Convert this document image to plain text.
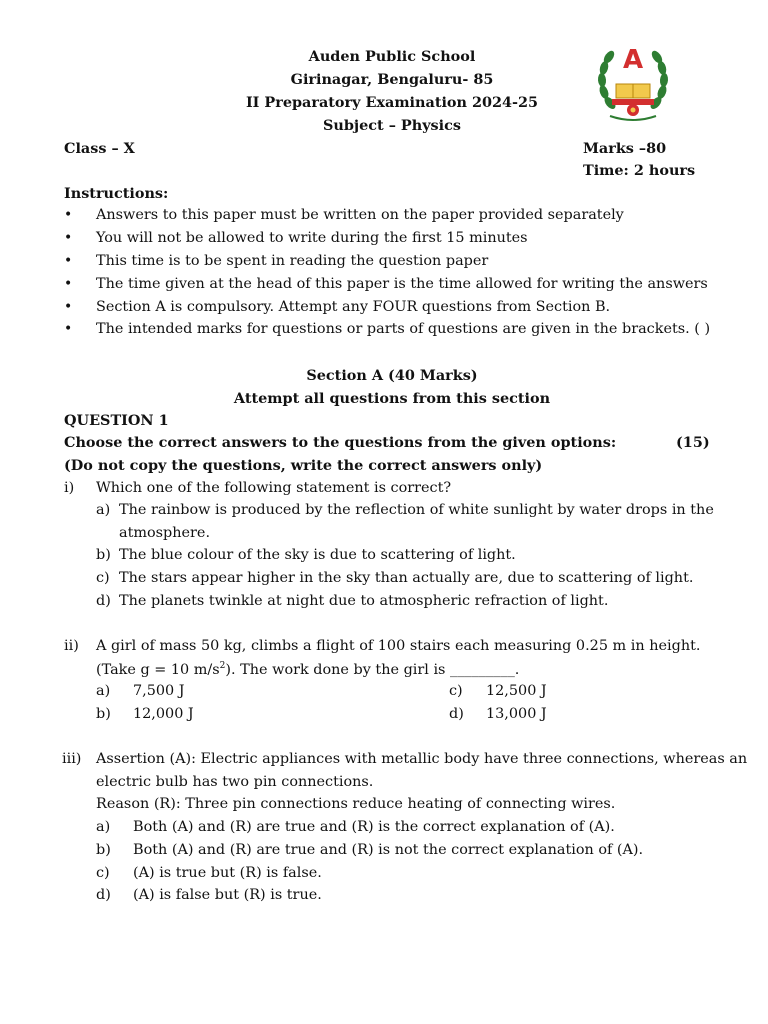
Auden Public School
Girinagar, Bengaluru- 85
II Preparatory Examination 2024-25
Subject – Physics
A
Class – X	Marks –80
Time: 2 hours
Instructions:
• Answers to this paper must be written on the paper provided separately
• You will not be allowed to write during the first 15 minutes
• This time is to be spent in reading the question paper
• The time given at the head of this paper is the time allowed for writing the answers
• Section A is compulsory. Attempt any FOUR questions from Section B.
• The intended marks for questions or parts of questions are given in the brackets. ( )
Section A (40 Marks)
Attempt all questions from this section
QUESTION 1
Choose the correct answers to the questions from the given options:	(15)
(Do not copy the questions, write the correct answers only)
i) Which one of the following statement is correct?
a) The rainbow is produced by the reflection of white sunlight by water drops in the
atmosphere.
b) The blue colour of the sky is due to scattering of light.
c) The stars appear higher in the sky than actually are, due to scattering of light.
d) The planets twinkle at night due to atmospheric refraction of light.
ii) A girl of mass 50 kg, climbs a flight of 100 stairs each measuring 0.25 m in height.
(Take g = 10 $m/s^2$). The work done by the girl is _________.
a) 7,500 J
b) 12,000 J
c) 12,500 J
d) 13,000 J
iii) Assertion (A): Electric appliances with metallic body have three connections, whereas an
electric bulb has two pin connections.
Reason (R): Three pin connections reduce heating of connecting wires.
a) Both (A) and (R) are true and (R) is the correct explanation of (A).
b) Both (A) and (R) are true and (R) is not the correct explanation of (A).
c) (A) is true but (R) is false.
d) (A) is false but (R) is true.
